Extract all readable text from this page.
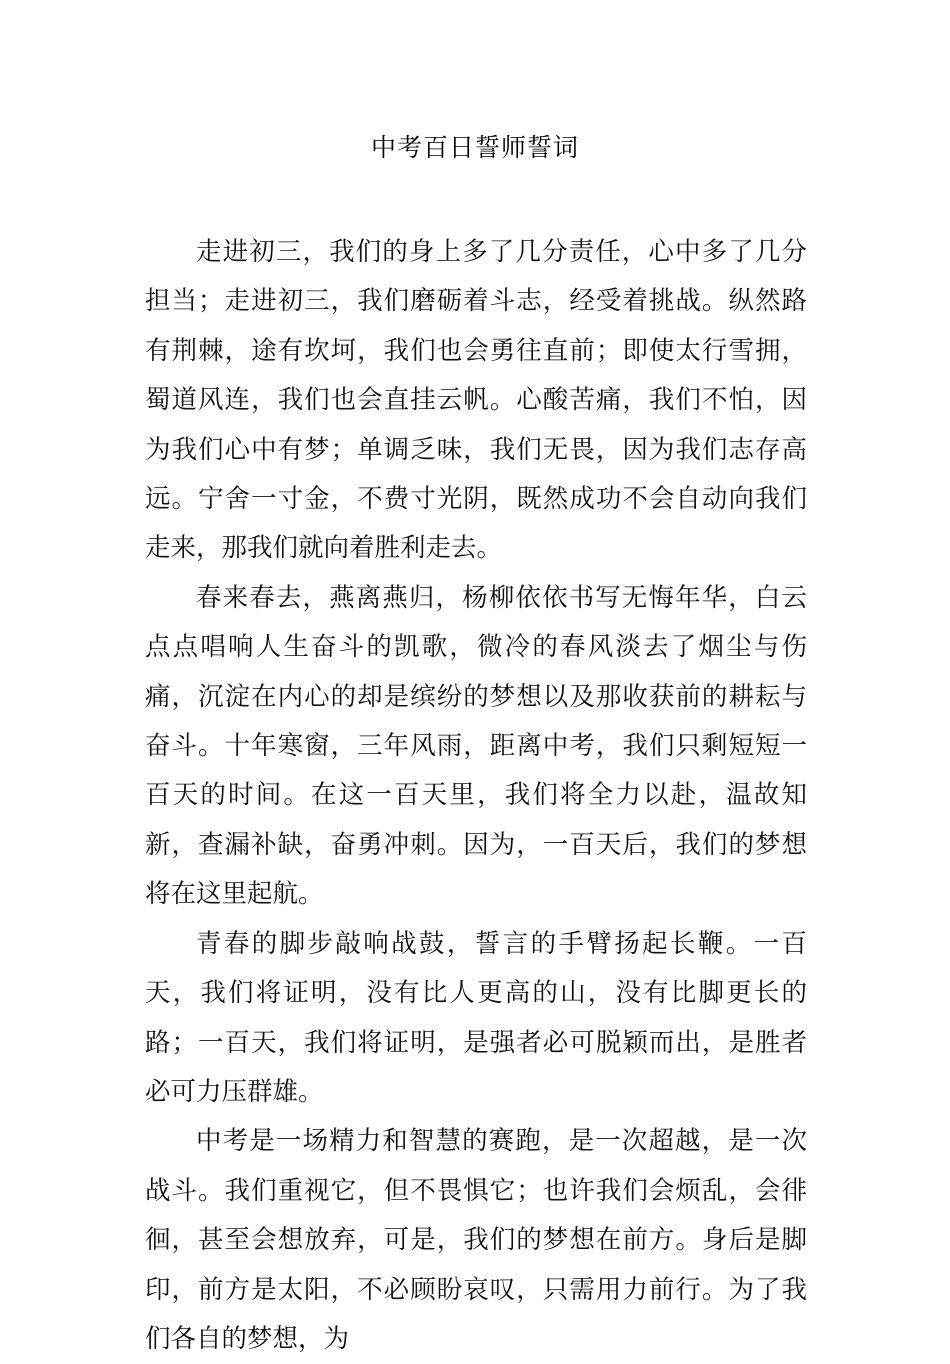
中考百日誓师誓词

走进初三，我们的身上多了几分责任，心中多了几分担当；走进初三，我们磨砺着斗志，经受着挑战。纵然路有荆棘，途有坎坷，我们也会勇往直前；即使太行雪拥，蜀道风连，我们也会直挂云帆。心酸苦痛，我们不怕，因为我们心中有梦；单调乏味，我们无畏，因为我们志存高远。宁舍一寸金，不费寸光阴，既然成功不会自动向我们走来，那我们就向着胜利走去。

春来春去，燕离燕归，杨柳依依书写无悔年华，白云点点唱响人生奋斗的凯歌，微冷的春风淡去了烟尘与伤痛，沉淀在内心的却是缤纷的梦想以及那收获前的耕耘与奋斗。十年寒窗，三年风雨，距离中考，我们只剩短短一百天的时间。在这一百天里，我们将全力以赴，温故知新，查漏补缺，奋勇冲刺。因为，一百天后，我们的梦想将在这里起航。

青春的脚步敲响战鼓，誓言的手臂扬起长鞭。一百天，我们将证明，没有比人更高的山，没有比脚更长的路；一百天，我们将证明，是强者必可脱颖而出，是胜者必可力压群雄。

中考是一场精力和智慧的赛跑，是一次超越，是一次战斗。我们重视它，但不畏惧它；也许我们会烦乱，会徘徊，甚至会想放弃，可是，我们的梦想在前方。身后是脚印，前方是太阳，不必顾盼哀叹，只需用力前行。为了我们各自的梦想，为
